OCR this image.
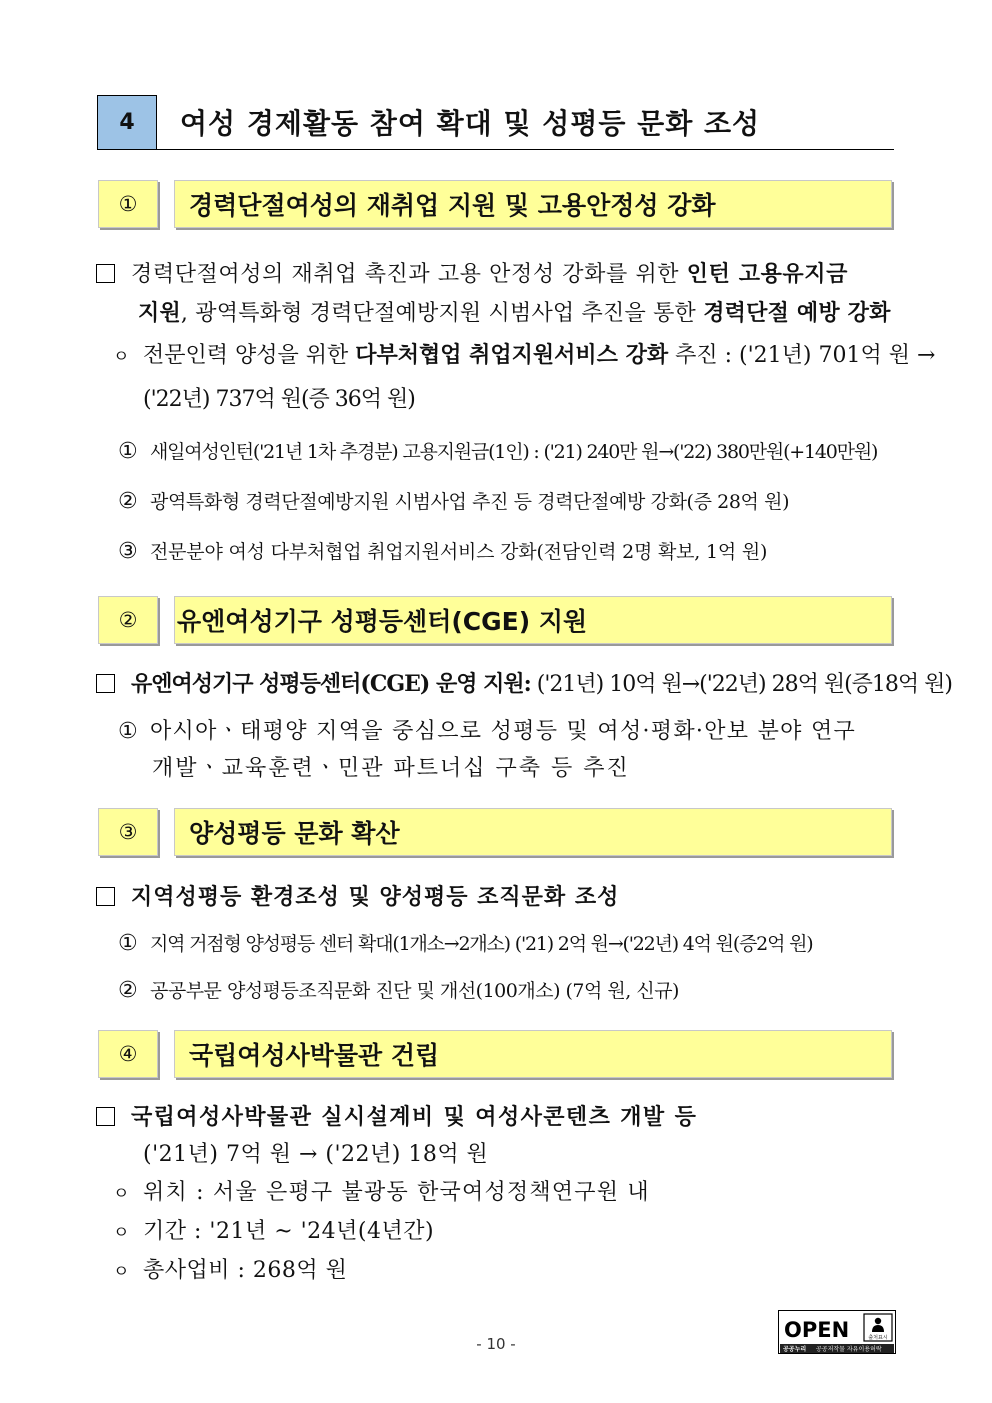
4	여성 경제활동 참여 확대 및 성평등 문화 조성
①	경력단절여성의 재취업 지원 및 고용안정성 강화
경력단절여성의 재취업 촉진과 고용 안정성 강화를 위한 인턴 고용유지금
지원, 광역특화형 경력단절예방지원 시범사업 추진을 통한 경력단절 예방 강화
ㅇ 전문인력 양성을 위한 다부처협업 취업지원서비스 강화 추진 : ('21년) 701억 원 →
('22년) 737억 원(증 36억 원)
① 새일여성인턴('21년 1차 추경분) 고용지원금(1인) : ('21) 240만 원→('22) 380만원(+140만원)
② 광역특화형 경력단절예방지원 시범사업 추진 등 경력단절예방 강화(증 28억 원)
③ 전문분야 여성 다부처협업 취업지원서비스 강화(전담인력 2명 확보, 1억 원)
②	유엔여성기구 성평등센터(CGE) 지원
유엔여성기구 성평등센터(CGE) 운영 지원: ('21년) 10억 원→('22년) 28억 원(증18억 원)
① 아시아ㆍ태평양 지역을 중심으로 성평등 및 여성·평화·안보 분야 연구
개발ㆍ교육훈련ㆍ민관 파트너십 구축 등 추진
③	양성평등 문화 확산
지역성평등 환경조성 및 양성평등 조직문화 조성
① 지역 거점형 양성평등 센터 확대(1개소→2개소) ('21) 2억 원→('22년) 4억 원(증2억 원)
② 공공부문 양성평등조직문화 진단 및 개선(100개소) (7억 원, 신규)
④	국립여성사박물관 건립
국립여성사박물관 실시설계비 및 여성사콘텐츠 개발 등
('21년) 7억 원 → ('22년) 18억 원
ㅇ 위치 : 서울 은평구 불광동 한국여성정책연구원 내
ㅇ 기간 : '21년 ~ '24년(4년간)
ㅇ 총사업비 : 268억 원
- 10 -
OPEN	출처표시
공공누리 공공저작물 자유이용허락
